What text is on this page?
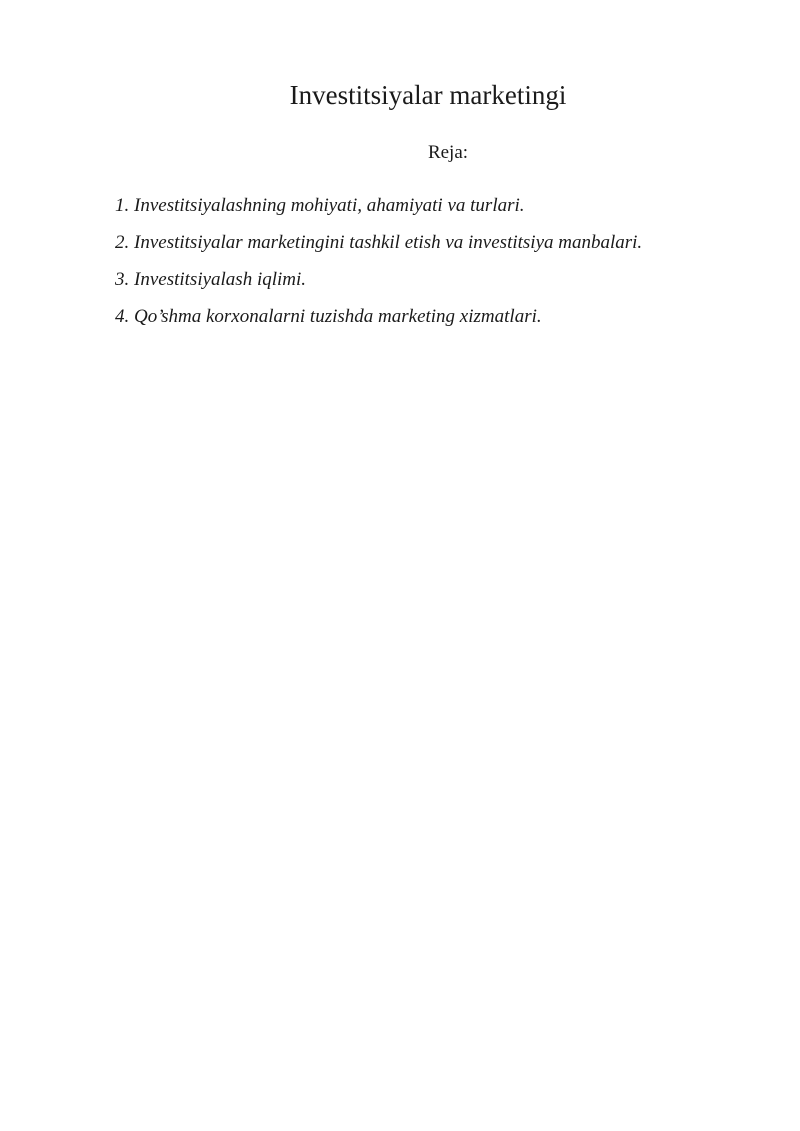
Investitsiyalar marketingi

Reja:

1. Investitsiyalashning mohiyati, ahamiyati va turlari.
2. Investitsiyalar marketingini tashkil etish va investitsiya manbalari.
3. Investitsiyalash iqlimi.
4. Qo’shma korxonalarni tuzishda marketing xizmatlari.
